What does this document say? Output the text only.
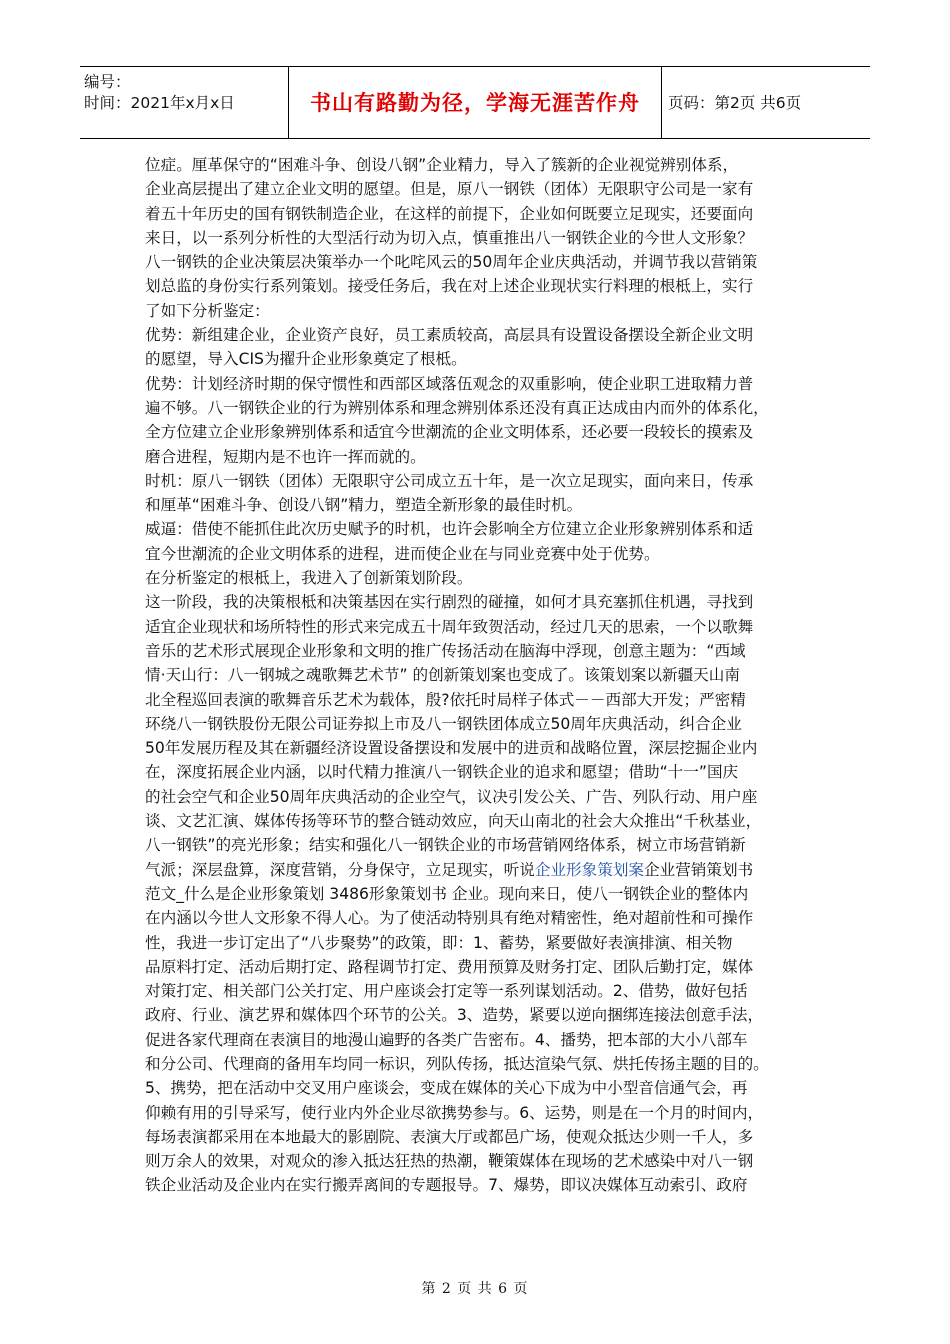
编号：
时间：2021年x月x日	书山有路勤为径，学海无涯苦作舟	页码：第2页 共6页
位症。厘革保守的“困难斗争、创设八钢”企业精力，导入了簇新的企业视觉辨别体系，
企业高层提出了建立企业文明的愿望。但是，原八一钢铁（团体）无限职守公司是一家有
着五十年历史的国有钢铁制造企业，在这样的前提下，企业如何既要立足现实，还要面向
来日，以一系列分析性的大型活行动为切入点，慎重推出八一钢铁企业的今世人文形象？
八一钢铁的企业决策层决策举办一个叱咤风云的50周年企业庆典活动，并调节我以营销策
划总监的身份实行系列策划。接受任务后，我在对上述企业现状实行料理的根柢上，实行
了如下分析鉴定：
优势：新组建企业，企业资产良好，员工素质较高，高层具有设置设备摆设全新企业文明
的愿望，导入CIS为擢升企业形象奠定了根柢。
优势：计划经济时期的保守惯性和西部区域落伍观念的双重影响，使企业职工进取精力普
遍不够。八一钢铁企业的行为辨别体系和理念辨别体系还没有真正达成由内而外的体系化，
全方位建立企业形象辨别体系和适宜今世潮流的企业文明体系，还必要一段较长的摸索及
磨合进程，短期内是不也许一挥而就的。
时机：原八一钢铁（团体）无限职守公司成立五十年，是一次立足现实，面向来日，传承
和厘革“困难斗争、创设八钢”精力，塑造全新形象的最佳时机。
威逼：借使不能抓住此次历史赋予的时机，也许会影响全方位建立企业形象辨别体系和适
宜今世潮流的企业文明体系的进程，进而使企业在与同业竞赛中处于优势。
在分析鉴定的根柢上，我进入了创新策划阶段。
这一阶段，我的决策根柢和决策基因在实行剧烈的碰撞，如何才具充塞抓住机遇，寻找到
适宜企业现状和场所特性的形式来完成五十周年致贺活动，经过几天的思索，一个以歌舞
音乐的艺术形式展现企业形象和文明的推广传扬活动在脑海中浮现，创意主题为：“西域
情·天山行：八一钢城之魂歌舞艺术节” 的创新策划案也变成了。该策划案以新疆天山南
北全程巡回表演的歌舞音乐艺术为载体，殷?依托时局样子体式－－西部大开发；严密精
环绕八一钢铁股份无限公司证券拟上市及八一钢铁团体成立50周年庆典活动，纠合企业
50年发展历程及其在新疆经济设置设备摆设和发展中的进贡和战略位置，深层挖掘企业内
在，深度拓展企业内涵，以时代精力推演八一钢铁企业的追求和愿望；借助“十一”国庆
的社会空气和企业50周年庆典活动的企业空气，议决引发公关、广告、列队行动、用户座
谈、文艺汇演、媒体传扬等环节的整合链动效应，向天山南北的社会大众推出“千秋基业，
八一钢铁”的亮光形象；结实和强化八一钢铁企业的市场营销网络体系，树立市场营销新
气派；深层盘算，深度营销，分身保守，立足现实，听说企业形象策划案企业营销策划书
范文_什么是企业形象策划 3486形象策划书 企业。现向来日，使八一钢铁企业的整体内
在内涵以今世人文形象不得人心。为了使活动特别具有绝对精密性，绝对超前性和可操作
性，我进一步订定出了“八步聚势”的政策，即：1、蓄势，紧要做好表演排演、相关物
品原料打定、活动后期打定、路程调节打定、费用预算及财务打定、团队后勤打定，媒体
对策打定、相关部门公关打定、用户座谈会打定等一系列谋划活动。2、借势，做好包括
政府、行业、演艺界和媒体四个环节的公关。3、造势，紧要以逆向捆绑连接法创意手法，
促进各家代理商在表演目的地漫山遍野的各类广告密布。4、播势，把本部的大小八部车
和分公司、代理商的备用车均同一标识，列队传扬，抵达渲染气氛、烘托传扬主题的目的。
5、携势，把在活动中交叉用户座谈会，变成在媒体的关心下成为中小型音信通气会，再
仰赖有用的引导采写，使行业内外企业尽欲携势参与。6、运势，则是在一个月的时间内，
每场表演都采用在本地最大的影剧院、表演大厅或都邑广场，使观众抵达少则一千人，多
则万余人的效果，对观众的渗入抵达狂热的热潮，鞭策媒体在现场的艺术感染中对八一钢
铁企业活动及企业内在实行搬弄离间的专题报导。7、爆势，即议决媒体互动索引、政府
第 2 页 共 6 页
